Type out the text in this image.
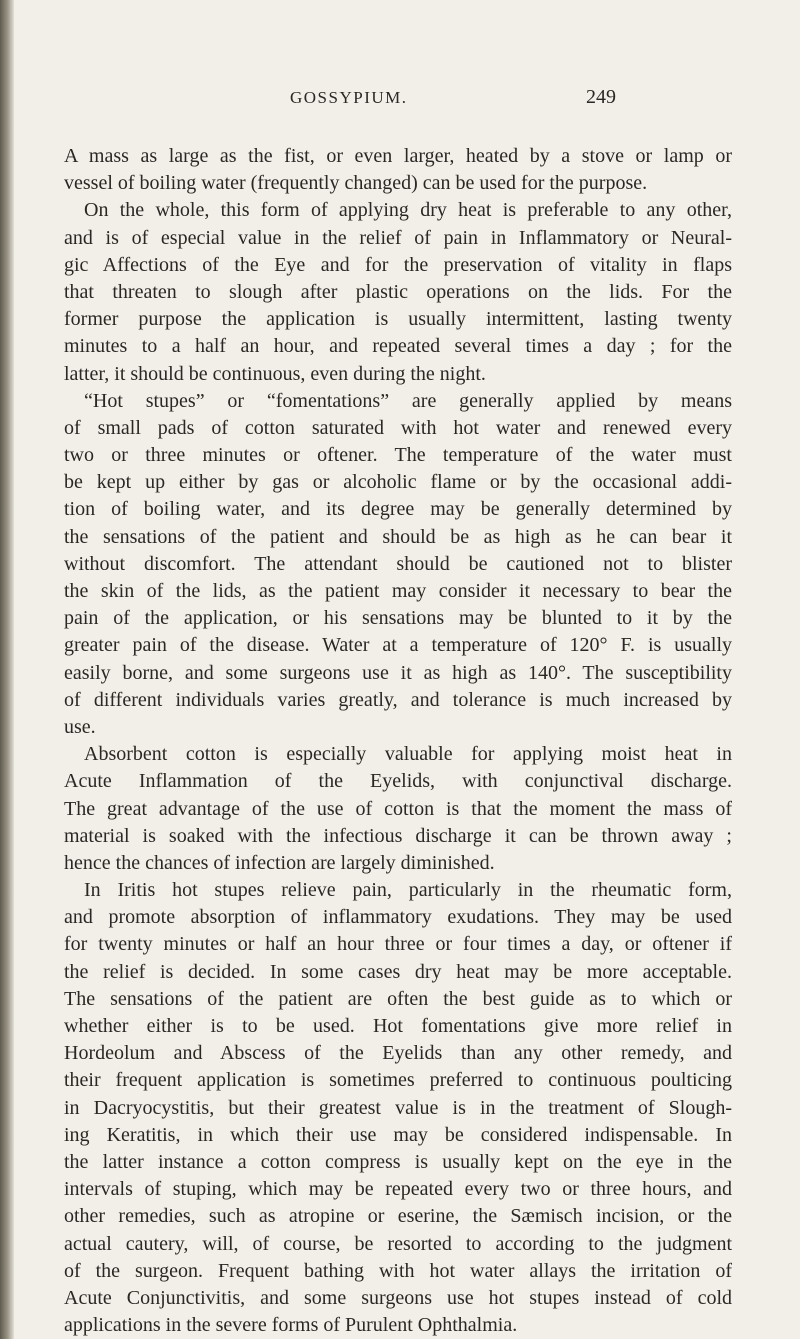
GOSSYPIUM.	249
A mass as large as the fist, or even larger, heated by a stove or lamp or
vessel of boiling water (frequently changed) can be used for the purpose.
On the whole, this form of applying dry heat is preferable to any other,
and is of especial value in the relief of pain in Inflammatory or Neural-
gic Affections of the Eye and for the preservation of vitality in flaps
that threaten to slough after plastic operations on the lids. For the
former purpose the application is usually intermittent, lasting twenty
minutes to a half an hour, and repeated several times a day ; for the
latter, it should be continuous, even during the night.
“Hot stupes” or “fomentations” are generally applied by means
of small pads of cotton saturated with hot water and renewed every
two or three minutes or oftener. The temperature of the water must
be kept up either by gas or alcoholic flame or by the occasional addi-
tion of boiling water, and its degree may be generally determined by
the sensations of the patient and should be as high as he can bear it
without discomfort. The attendant should be cautioned not to blister
the skin of the lids, as the patient may consider it necessary to bear the
pain of the application, or his sensations may be blunted to it by the
greater pain of the disease. Water at a temperature of 120° F. is usually
easily borne, and some surgeons use it as high as 140°. The susceptibility
of different individuals varies greatly, and tolerance is much increased by
use.
Absorbent cotton is especially valuable for applying moist heat in
Acute Inflammation of the Eyelids, with conjunctival discharge.
The great advantage of the use of cotton is that the moment the mass of
material is soaked with the infectious discharge it can be thrown away ;
hence the chances of infection are largely diminished.
In Iritis hot stupes relieve pain, particularly in the rheumatic form,
and promote absorption of inflammatory exudations. They may be used
for twenty minutes or half an hour three or four times a day, or oftener if
the relief is decided. In some cases dry heat may be more acceptable.
The sensations of the patient are often the best guide as to which or
whether either is to be used. Hot fomentations give more relief in
Hordeolum and Abscess of the Eyelids than any other remedy, and
their frequent application is sometimes preferred to continuous poulticing
in Dacryocystitis, but their greatest value is in the treatment of Slough-
ing Keratitis, in which their use may be considered indispensable. In
the latter instance a cotton compress is usually kept on the eye in the
intervals of stuping, which may be repeated every two or three hours, and
other remedies, such as atropine or eserine, the Sæmisch incision, or the
actual cautery, will, of course, be resorted to according to the judgment
of the surgeon. Frequent bathing with hot water allays the irritation of
Acute Conjunctivitis, and some surgeons use hot stupes instead of cold
applications in the severe forms of Purulent Ophthalmia.
